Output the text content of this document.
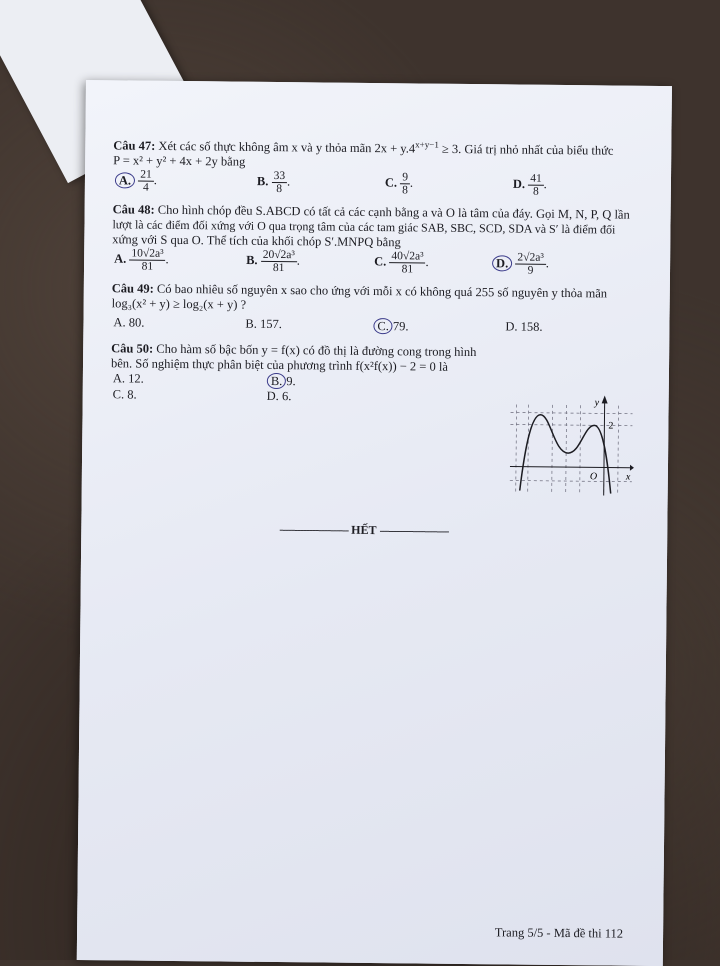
Câu 47: Xét các số thực không âm x và y thỏa mãn $2x + y.4^{x+y-1} \ge 3$. Giá trị nhỏ nhất của biểu thức
P = x² + y² + 4x + 2y bằng
A. $\frac{21}{4}$ .	B. $\frac{33}{8}$ .	C. $\frac{9}{8}$ .	D. $\frac{41}{8}$ .
Câu 48: Cho hình chóp đều S.ABCD có tất cả các cạnh bằng a và O là tâm của đáy. Gọi M, N, P, Q lần
lượt là các điểm đối xứng với O qua trọng tâm của các tam giác SAB, SBC, SCD, SDA và S′ là điểm đối
xứng với S qua O. Thể tích của khối chóp S′.MNPQ bằng
A. $\frac{\text{10√2a³}}{81}$ .	B. $\frac{\text{20√2a³}}{81}$ .	C. $\frac{\text{40√2a³}}{81}$ .	D. $\frac{\text{2√2a³}}{9}$ .
Câu 49: Có bao nhiêu số nguyên x sao cho ứng với mỗi x có không quá 255 số nguyên y thỏa mãn
log₃(x² + y) ≥ log₂(x + y) ?
A. 80.	B. 157.	C. 79.	D. 158.
Câu 50: Cho hàm số bậc bốn y = f(x) có đồ thị là đường cong trong hình
bên. Số nghiệm thực phân biệt của phương trình f(x²f(x)) − 2 = 0 là
A. 12.	B. 9.
C. 8.	D. 6.	y
x
O
2
----------------------- HẾT -----------------------
Trang 5/5 - Mã đề thi 112
